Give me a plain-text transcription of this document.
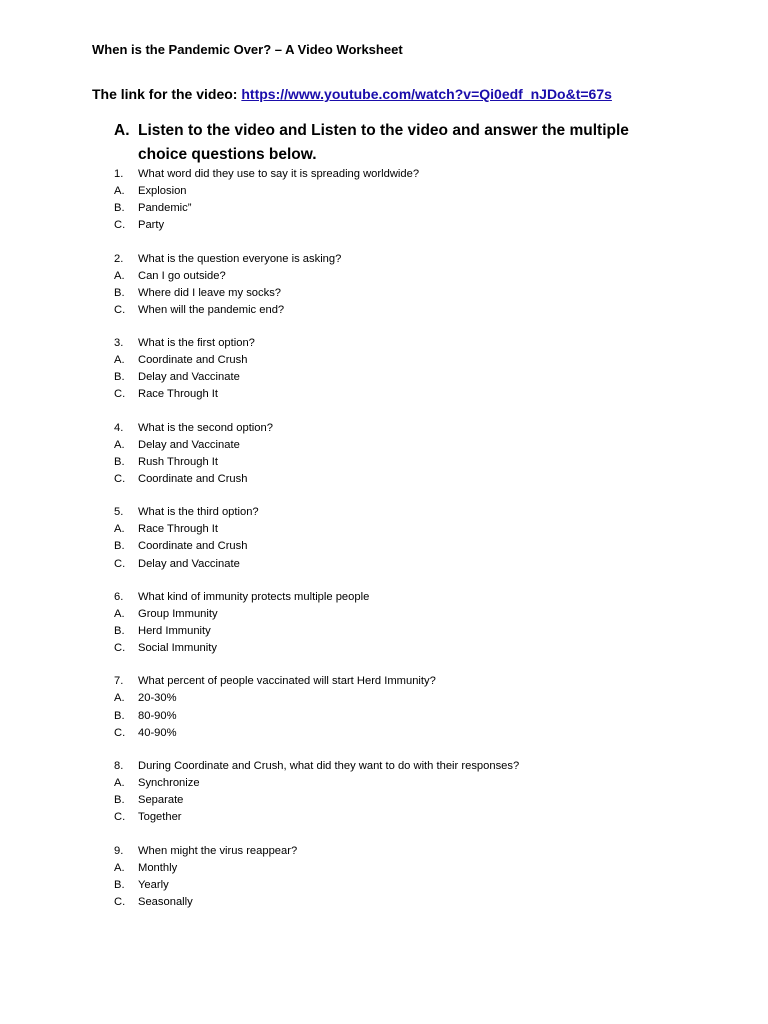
When is the Pandemic Over? – A Video Worksheet
The link for the video: https://www.youtube.com/watch?v=Qi0edf_nJDo&t=67s
A. Listen to the video and Listen to the video and answer the multiple choice questions below.
1. What word did they use to say it is spreading worldwide?
A. Explosion
B. Pandemic”
C. Party
2. What is the question everyone is asking?
A. Can I go outside?
B. Where did I leave my socks?
C. When will the pandemic end?
3. What is the first option?
A. Coordinate and Crush
B. Delay and Vaccinate
C. Race Through It
4. What is the second option?
A. Delay and Vaccinate
B. Rush Through It
C. Coordinate and Crush
5. What is the third option?
A. Race Through It
B. Coordinate and Crush
C. Delay and Vaccinate
6. What kind of immunity protects multiple people
A. Group Immunity
B. Herd Immunity
C. Social Immunity
7. What percent of people vaccinated will start Herd Immunity?
A. 20-30%
B. 80-90%
C. 40-90%
8. During Coordinate and Crush, what did they want to do with their responses?
A. Synchronize
B. Separate
C. Together
9. When might the virus reappear?
A. Monthly
B. Yearly
C. Seasonally
